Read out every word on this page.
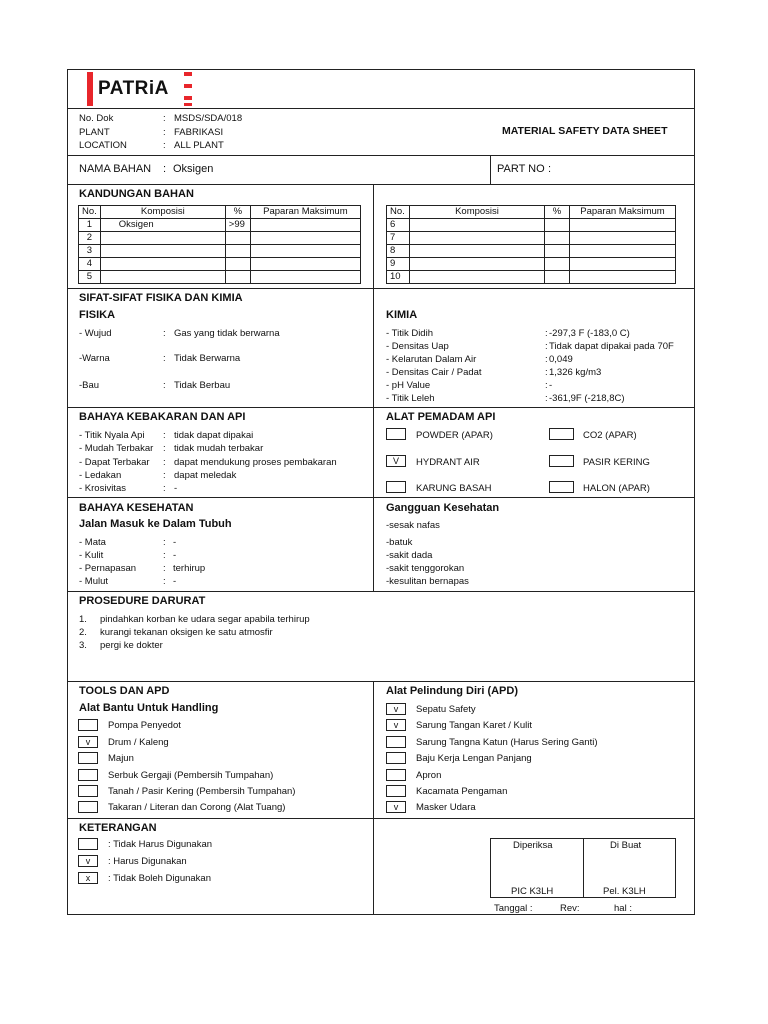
PATRiA
No. Dok	: MSDS/SDA/018
PLANT	: FABRIKASI
LOCATION	: ALL PLANT
MATERIAL SAFETY DATA SHEET
NAMA BAHAN : Oksigen	PART NO :
KANDUNGAN BAHAN
No.	Komposisi	%	Paparan Maksimum
1	Oksigen	>99	
2			
3			
4			
5			
No.	Komposisi	%	Paparan Maksimum
6			
7			
8			
9			
10			
SIFAT-SIFAT FISIKA DAN KIMIA
FISIKA	KIMIA
- Wujud	: Gas yang tidak berwarna
-Warna	: Tidak Berwarna
-Bau	: Tidak Berbau
- Titik Didih	: -297,3 F (-183,0 C)
- Densitas Uap	: Tidak dapat dipakai pada 70F
- Kelarutan Dalam Air	: 0,049
- Densitas Cair / Padat	: 1,326 kg/m3
- pH Value	: -
- Titik Leleh	: -361,9F (-218,8C)
BAHAYA KEBAKARAN DAN API	ALAT PEMADAM API
- Titik Nyala Api : tidak dapat dipakai
- Mudah Terbakar : tidak mudah terbakar
- Dapat Terbakar : dapat mendukung proses pembakaran
- Ledakan	: dapat meledak
- Krosivitas	: -
POWDER (APAR)	CO2 (APAR)
V	HYDRANT AIR	PASIR KERING
KARUNG BASAH	HALON (APAR)
BAHAYA KESEHATAN
Jalan Masuk ke Dalam Tubuh
Gangguan Kesehatan
- Mata	: -
- Kulit	: -
- Pernapasan	: terhirup
- Mulut	: -
-sesak nafas
-batuk
-sakit dada
-sakit tenggorokan
-kesulitan bernapas
PROSEDURE DARURAT
1. pindahkan korban ke udara segar apabila terhirup
2. kurangi tekanan oksigen ke satu atmosfir
3. pergi ke dokter
TOOLS DAN APD
Alat Bantu Untuk Handling
Alat Pelindung Diri (APD)
Pompa Penyedot
v	Drum / Kaleng
Majun
Serbuk Gergaji (Pembersih Tumpahan)
Tanah / Pasir Kering (Pembersih Tumpahan)
Takaran / Literan dan Corong (Alat Tuang)
v	Sepatu Safety
v	Sarung Tangan Karet / Kulit
Sarung Tangna Katun (Harus Sering Ganti)
Baju Kerja Lengan Panjang
Apron
Kacamata Pengaman
v	Masker Udara
KETERANGAN
: Tidak Harus Digunakan
v	: Harus Digunakan
x	: Tidak Boleh Digunakan
Diperiksa	Di Buat
PIC K3LH	Pel. K3LH
Tanggal :	Rev:	hal :
